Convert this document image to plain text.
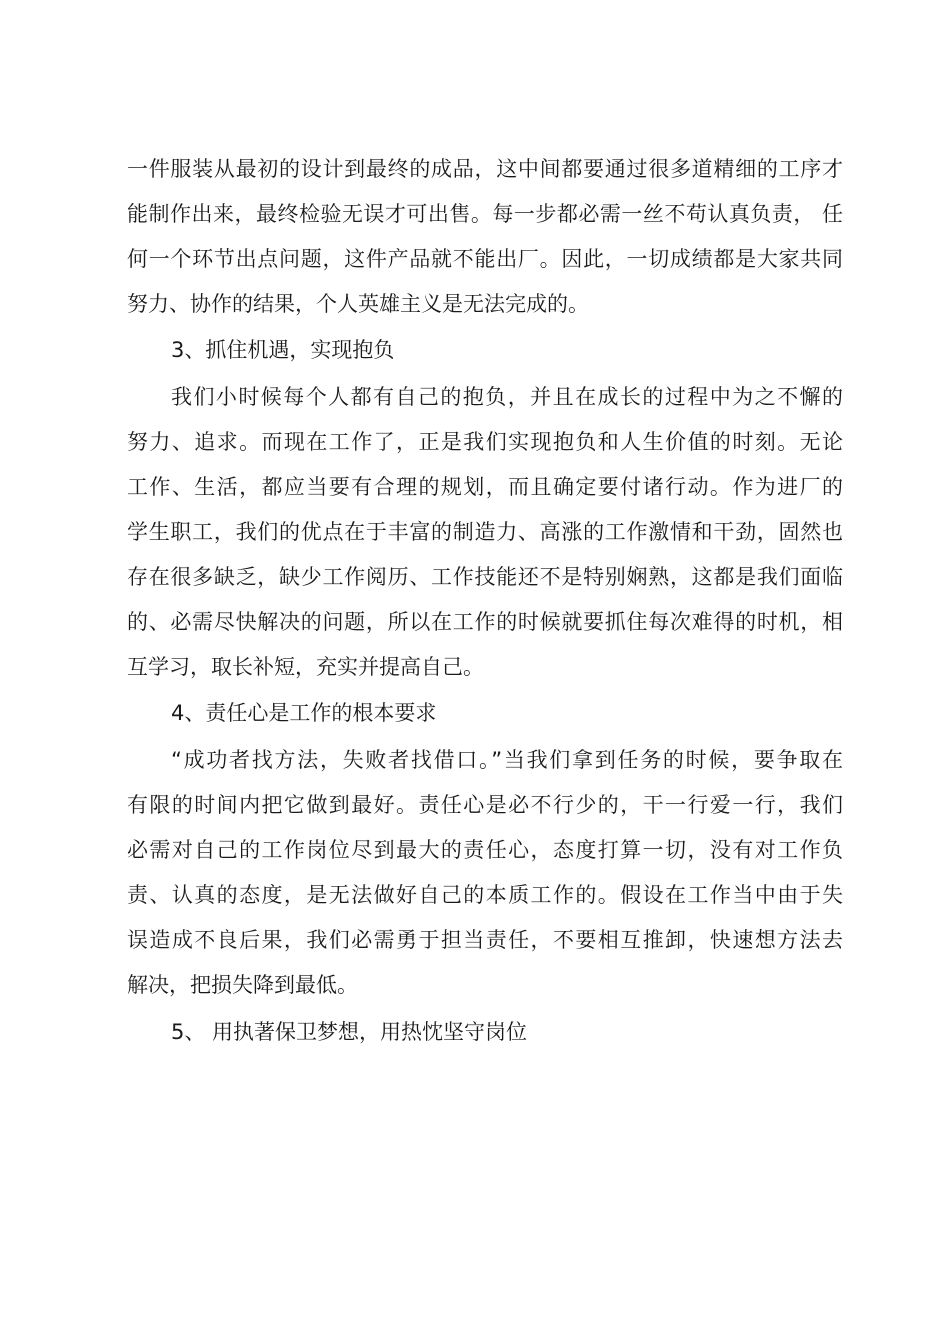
一件服装从最初的设计到最终的成品，这中间都要通过很多道精细的工序才
能制作出来，最终检验无误才可出售。每一步都必需一丝不苟认真负责， 任
何一个环节出点问题，这件产品就不能出厂。因此，一切成绩都是大家共同
努力、协作的结果，个人英雄主义是无法完成的。
3、抓住机遇，实现抱负
我们小时候每个人都有自己的抱负，并且在成长的过程中为之不懈的
努力、追求。而现在工作了，正是我们实现抱负和人生价值的时刻。无论
工作、生活，都应当要有合理的规划，而且确定要付诸行动。作为进厂的
学生职工，我们的优点在于丰富的制造力、高涨的工作激情和干劲，固然也
存在很多缺乏，缺少工作阅历、工作技能还不是特别娴熟，这都是我们面临
的、必需尽快解决的问题，所以在工作的时候就要抓住每次难得的时机，相
互学习，取长补短，充实并提高自己。
4、责任心是工作的根本要求
“成功者找方法，失败者找借口。”当我们拿到任务的时候，要争取在
有限的时间内把它做到最好。责任心是必不行少的，干一行爱一行，我们
必需对自己的工作岗位尽到最大的责任心，态度打算一切，没有对工作负
责、认真的态度，是无法做好自己的本质工作的。假设在工作当中由于失
误造成不良后果，我们必需勇于担当责任，不要相互推卸，快速想方法去
解决，把损失降到最低。
5、 用执著保卫梦想，用热忱坚守岗位
